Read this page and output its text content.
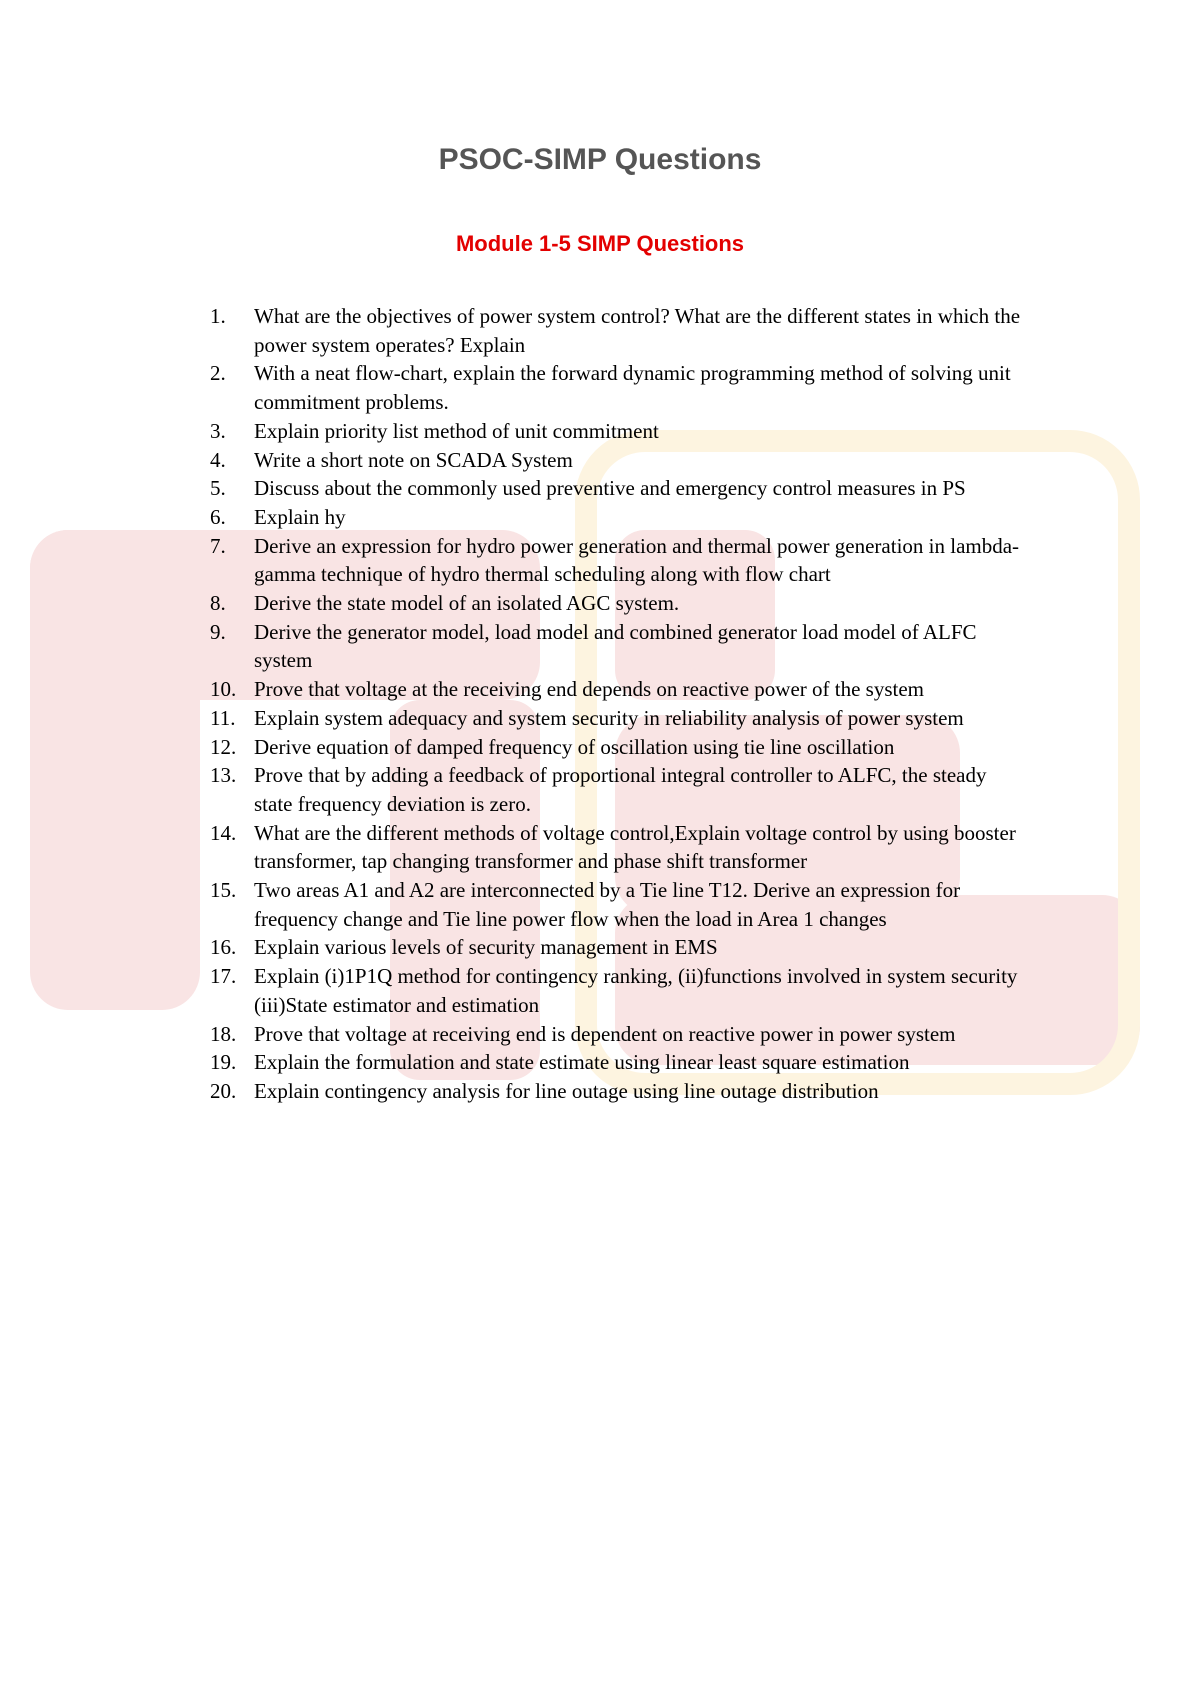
PSOC-SIMP Questions
Module 1-5 SIMP Questions
1.	What are the objectives of power system control? What are the different states in which the power system operates? Explain
2.	With a neat flow-chart, explain the forward dynamic programming method of solving unit commitment problems.
3.	Explain priority list method of unit commitment
4.	Write a short note on SCADA System
5.	Discuss about the commonly used preventive and emergency control measures in PS
6.	Explain hy
7.	Derive an expression for hydro power generation and thermal power generation in lambda-gamma technique of hydro thermal scheduling along with flow chart
8.	Derive the state model of an isolated AGC system.
9.	Derive the generator model, load model and combined generator load model of ALFC system
10. Prove that voltage at the receiving end depends on reactive power of the system
11. Explain system adequacy and system security in reliability analysis of power system
12. Derive equation of damped frequency of oscillation using tie line oscillation
13. Prove that by adding a feedback of proportional integral controller to ALFC, the steady state frequency deviation is zero.
14. What are the different methods of voltage control,Explain voltage control by using booster transformer, tap changing transformer and phase shift transformer
15. Two areas A1 and A2 are interconnected by a Tie line T12. Derive an expression for frequency change and Tie line power flow when the load in Area 1 changes
16. Explain various levels of security management in EMS
17. Explain (i)1P1Q method for contingency ranking, (ii)functions involved in system security (iii)State estimator and estimation
18. Prove that voltage at receiving end is dependent on reactive power in power system
19. Explain the formulation and state estimate using linear least square estimation
20. Explain contingency analysis for line outage using line outage distribution
